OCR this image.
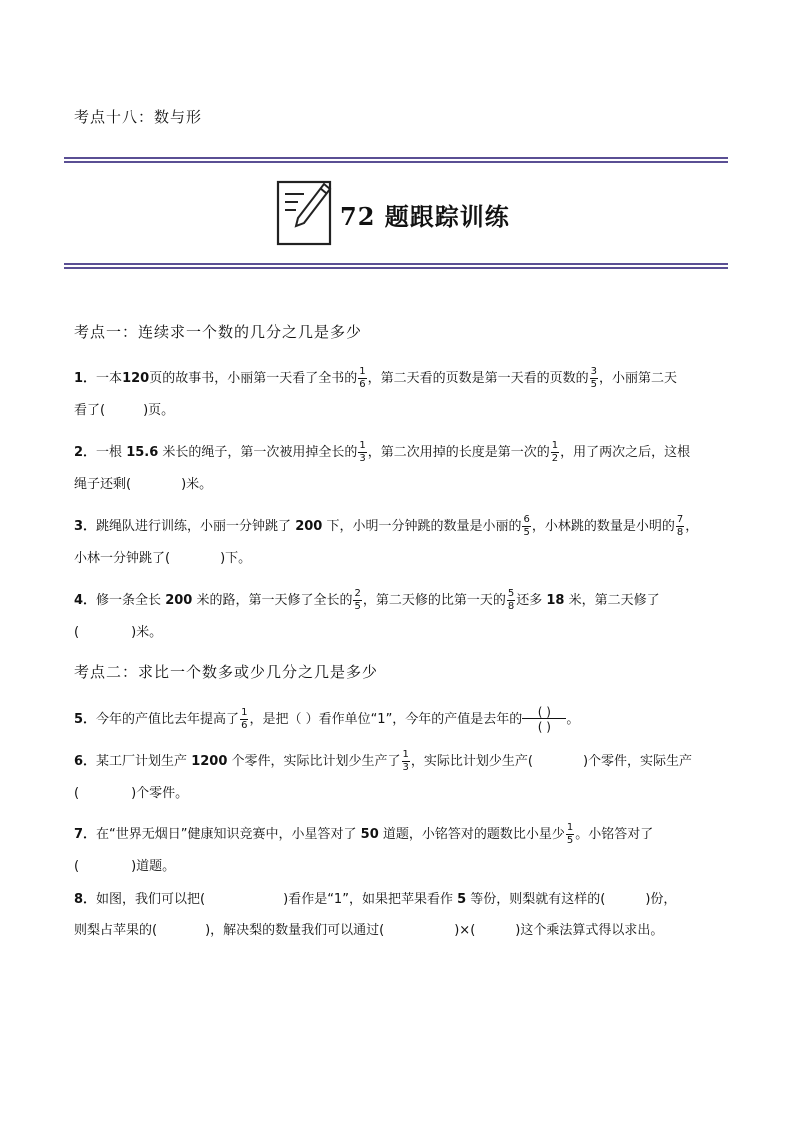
考点十八：数与形
72 题跟踪训练
考点一：连续求一个数的几分之几是多少
1．一本120页的故事书，小丽第一天看了全书的 $\frac{1}{6}$ ，第二天看的页数是第一天看的页数的 $\frac{3}{5}$ ，小丽第二天
看了(	)页。
2．一根 15.6 米长的绳子，第一次被用掉全长的 $\frac{1}{3}$ ，第二次用掉的长度是第一次的 $\frac{1}{2}$ ，用了两次之后，这根
绳子还剩(	)米。
3．跳绳队进行训练，小丽一分钟跳了 200 下，小明一分钟跳的数量是小丽的 $\frac{6}{5}$ ，小林跳的数量是小明的 $\frac{7}{8}$ ，
小林一分钟跳了(	)下。
4．修一条全长 200 米的路，第一天修了全长的 $\frac{2}{5}$ ，第二天修的比第一天的 $\frac{5}{8}$ 还多 18 米，第二天修了
(	)米。
考点二：求比一个数多或少几分之几是多少
5．今年的产值比去年提高了 $\frac{1}{6}$ ，是把（ ）看作单位“1”，今年的产值是去年的	( )
( )	。
6．某工厂计划生产 1200 个零件，实际比计划少生产了 $\frac{1}{3}$ ，实际比计划少生产(	)个零件，实际生产
(	)个零件。
7．在“世界无烟日”健康知识竞赛中，小星答对了 50 道题，小铭答对的题数比小星少 $\frac{1}{5}$ 。小铭答对了
(	)道题。
8．如图，我们可以把(	)看作是“1”，如果把苹果看作 5 等份，则梨就有这样的(	)份，
则梨占苹果的(	)，解决梨的数量我们可以通过(	)×(	)这个乘法算式得以求出。
